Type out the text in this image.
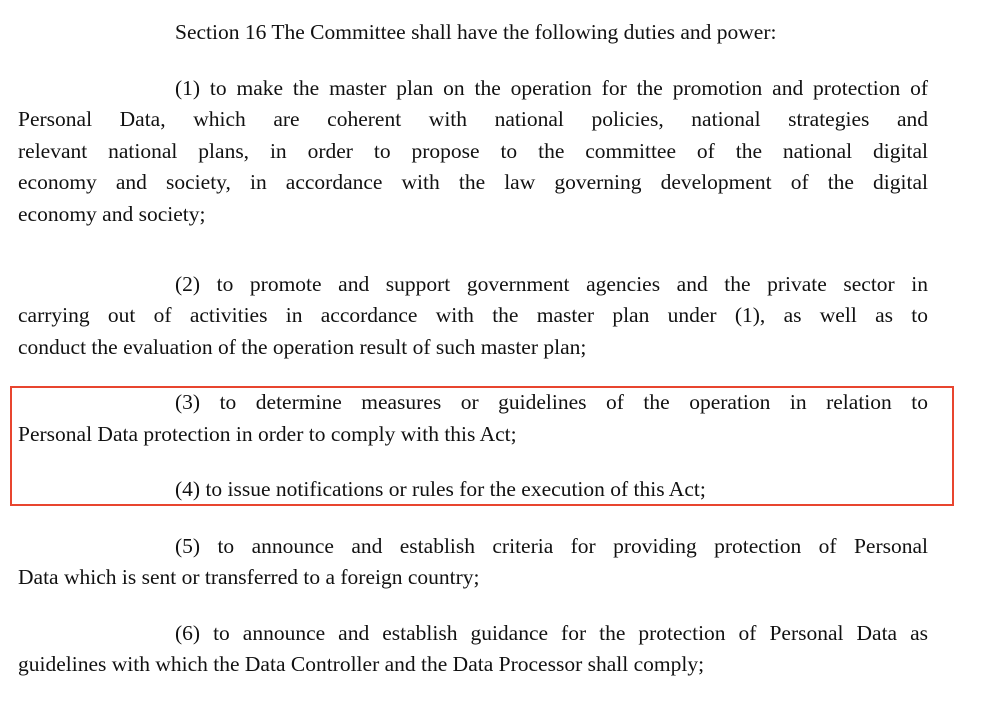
Section 16 The Committee shall have the following duties and power:
(1) to make the master plan on the operation for the promotion and protection of
Personal Data, which are coherent with national policies, national strategies and
relevant national plans, in order to propose to the committee of the national digital
economy and society, in accordance with the law governing development of the digital
economy and society;
(2) to promote and support government agencies and the private sector in
carrying out of activities in accordance with the master plan under (1), as well as to
conduct the evaluation of the operation result of such master plan;
(3) to determine measures or guidelines of the operation in relation to
Personal Data protection in order to comply with this Act;
(4) to issue notifications or rules for the execution of this Act;
(5) to announce and establish criteria for providing protection of Personal
Data which is sent or transferred to a foreign country;
(6) to announce and establish guidance for the protection of Personal Data as
guidelines with which the Data Controller and the Data Processor shall comply;
